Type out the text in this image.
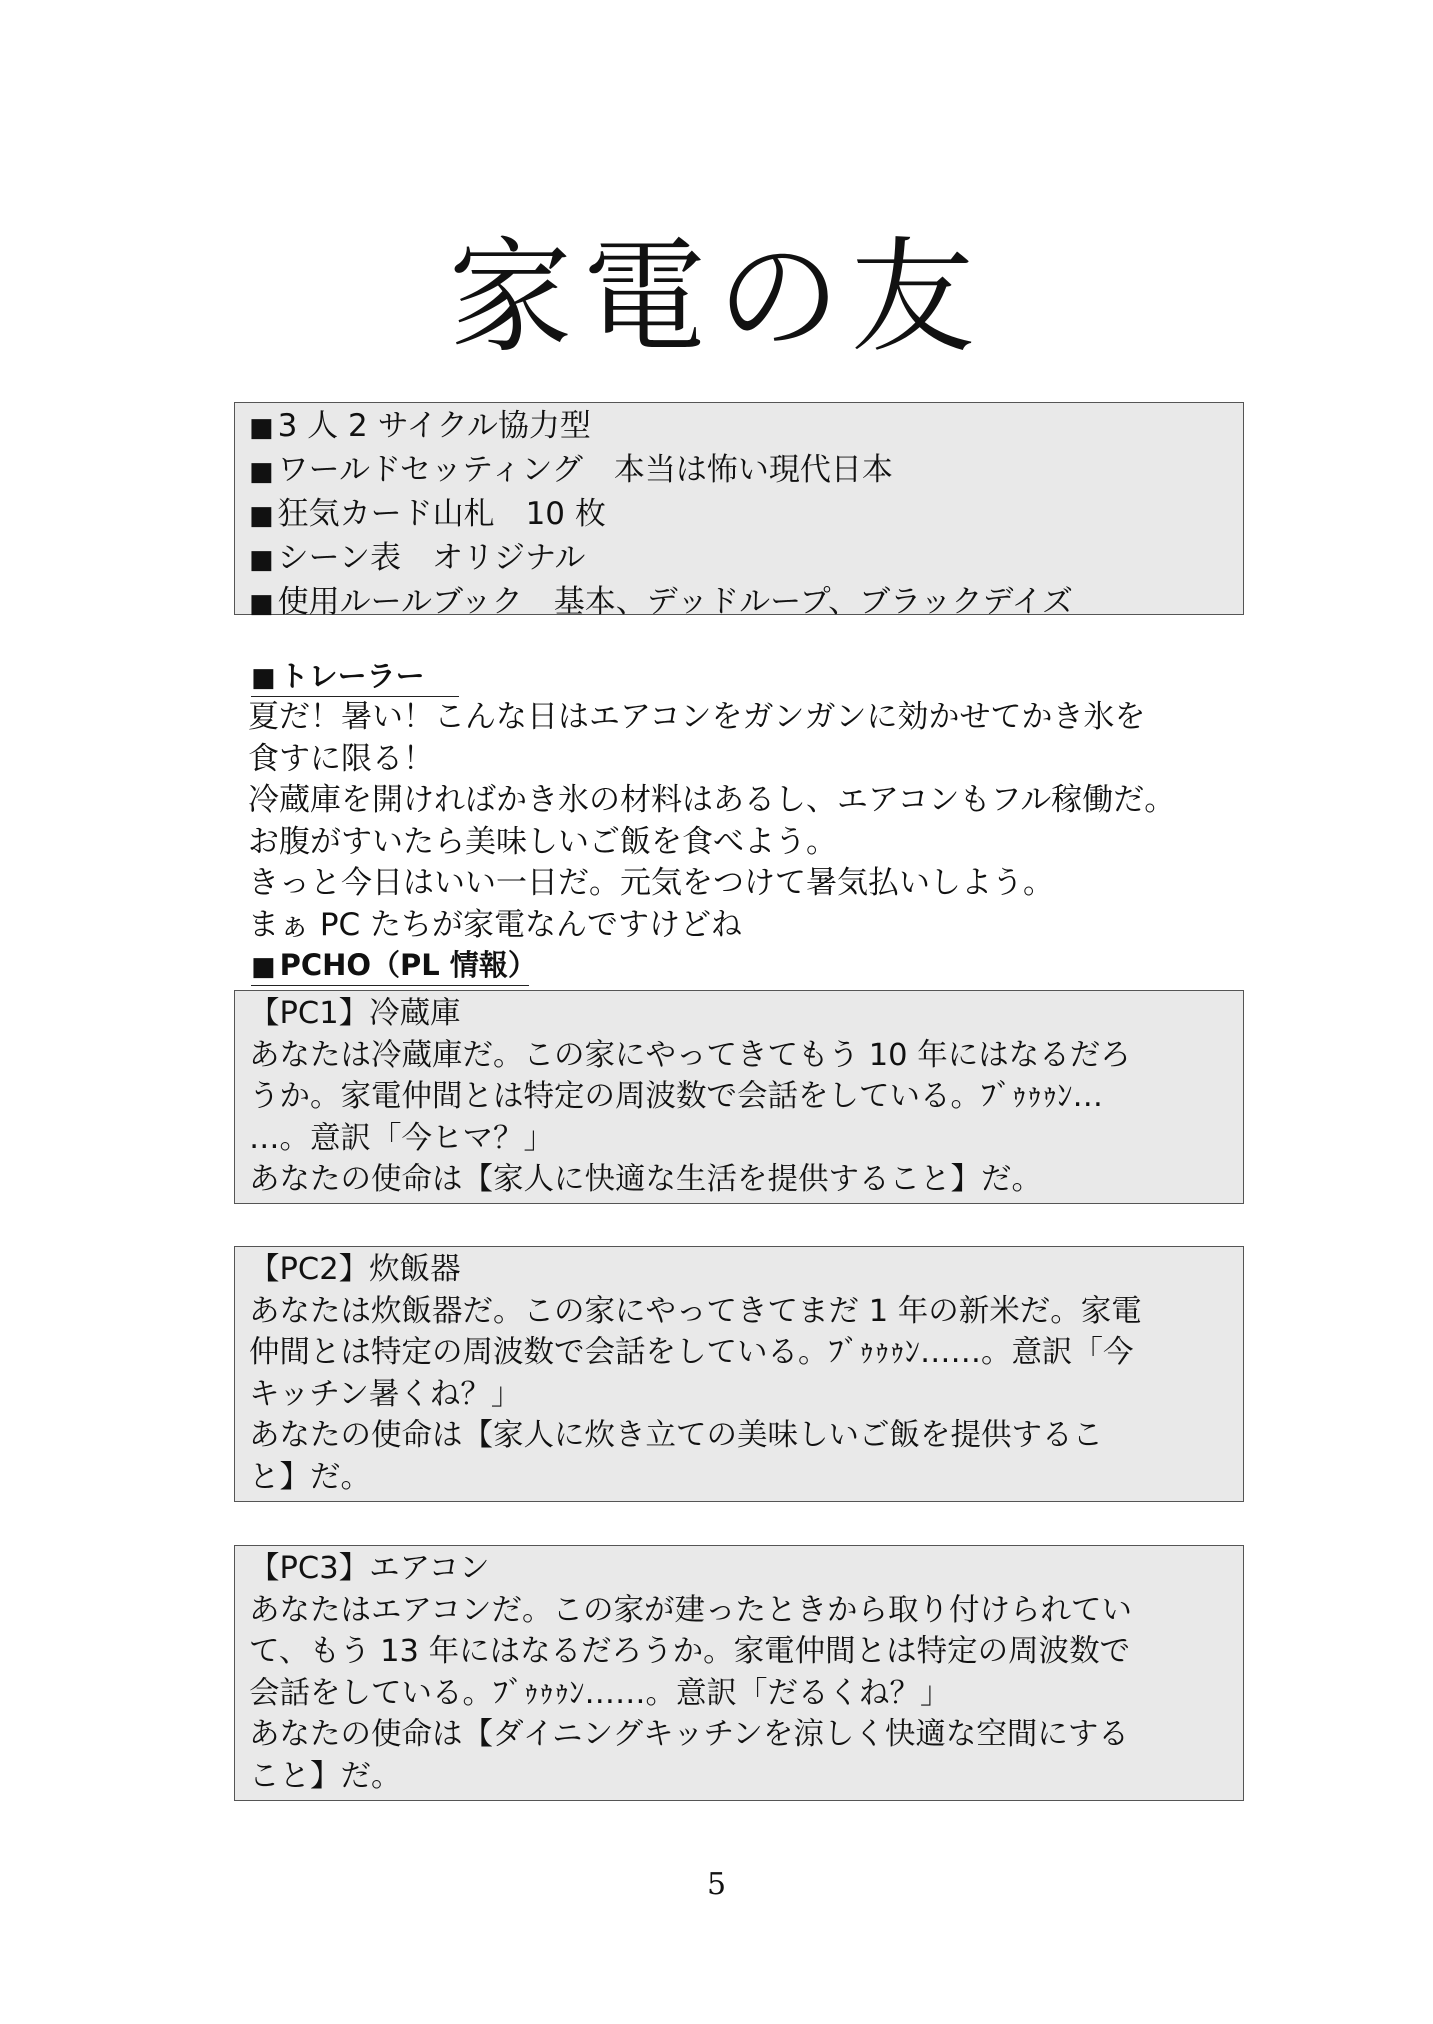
家電の友
■ 3 人 2 サイクル協力型
■ ワールドセッティング　本当は怖い現代日本
■ 狂気カード山札　10 枚
■ シーン表　オリジナル
■ 使用ルールブック　基本、デッドループ、ブラックデイズ
■ トレーラー
夏だ！暑い！こんな日はエアコンをガンガンに効かせてかき氷を
食すに限る！
冷蔵庫を開ければかき氷の材料はあるし、エアコンもフル稼働だ。
お腹がすいたら美味しいご飯を食べよう。
きっと今日はいい一日だ。元気をつけて暑気払いしよう。
まぁ PC たちが家電なんですけどね
■ PCHO（PL 情報）
【PC1】冷蔵庫
あなたは冷蔵庫だ。この家にやってきてもう 10 年にはなるだろ
うか。家電仲間とは特定の周波数で会話をしている。ﾌﾞｩｩｩﾝ…
…。意訳「今ヒマ？」
あなたの使命は【家人に快適な生活を提供すること】だ。
【PC2】炊飯器
あなたは炊飯器だ。この家にやってきてまだ 1 年の新米だ。家電
仲間とは特定の周波数で会話をしている。ﾌﾞｩｩｩﾝ……。意訳「今
キッチン暑くね？」
あなたの使命は【家人に炊き立ての美味しいご飯を提供するこ
と】だ。
【PC3】エアコン
あなたはエアコンだ。この家が建ったときから取り付けられてい
て、もう 13 年にはなるだろうか。家電仲間とは特定の周波数で
会話をしている。ﾌﾞｩｩｩﾝ……。意訳「だるくね？」
あなたの使命は【ダイニングキッチンを涼しく快適な空間にする
こと】だ。
5
